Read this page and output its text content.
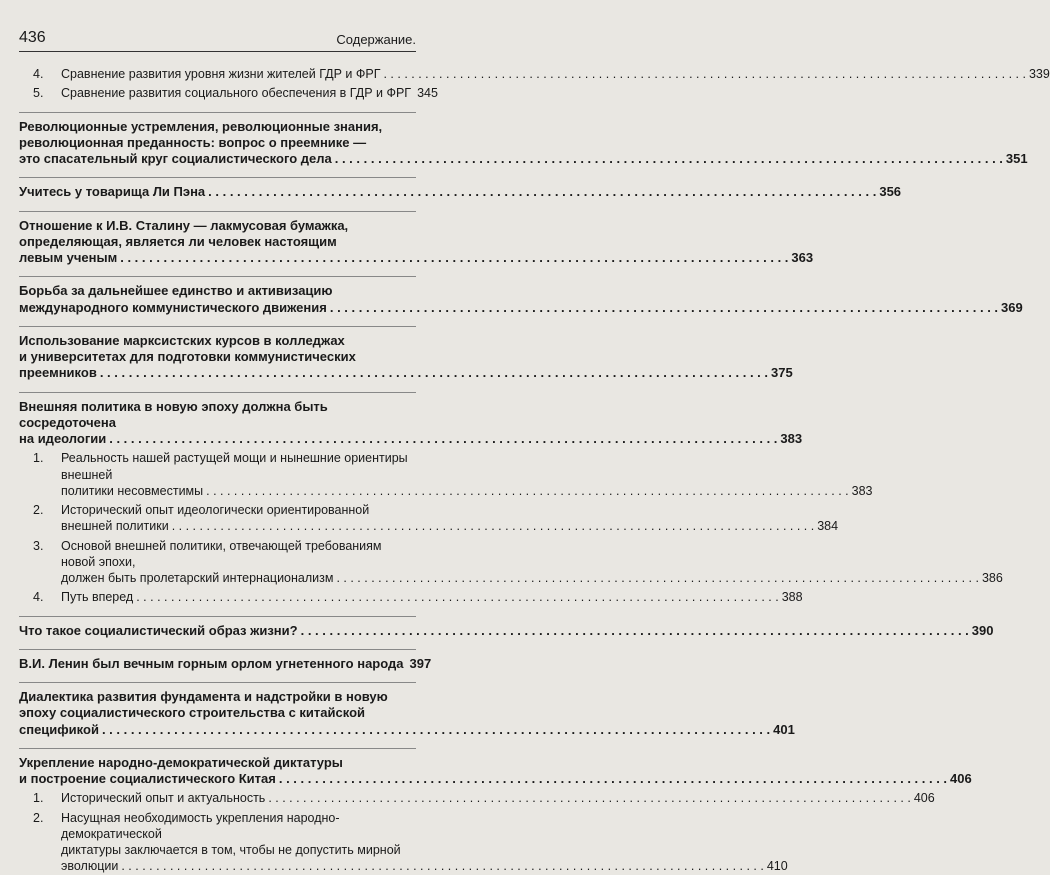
436	Содержание.
4. Сравнение развития уровня жизни жителей ГДР и ФРГ . . .	339
5. Сравнение развития социального обеспечения в ГДР и ФРГ 345
Революционные устремления, революционные знания,
революционная преданность: вопрос о преемнике —
это спасательный круг социалистического дела . . .	351
Учитесь у товарища Ли Пэна . . .	356
Отношение к И.В. Сталину — лакмусовая бумажка,
определяющая, является ли человек настоящим
левым ученым . . .	363
Борьба за дальнейшее единство и активизацию
международного коммунистического движения . . .	369
Использование марксистских курсов в колледжах
и университетах для подготовки коммунистических
преемников . . .	375
Внешняя политика в новую эпоху должна быть сосредоточена
на идеологии . . .	383
1. Реальность нашей растущей мощи и нынешние ориентиры внешней
политики несовместимы . . .	383
2. Исторический опыт идеологически ориентированной
внешней политики . . .	384
3. Основой внешней политики, отвечающей требованиям новой эпохи,
должен быть пролетарский интернационализм . . .	386
4. Путь вперед . . .	388
Что такое социалистический образ жизни? . . .	390
В.И. Ленин был вечным горным орлом угнетенного народа 397
Диалектика развития фундамента и надстройки в новую
эпоху социалистического строительства с китайской
спецификой . . .	401
Укрепление народно-демократической диктатуры
и построение социалистического Китая . . .	406
1. Исторический опыт и актуальность . . .	406
2. Насущная необходимость укрепления народно-демократической
диктатуры заключается в том, чтобы не допустить мирной
эволюции . . .	410
